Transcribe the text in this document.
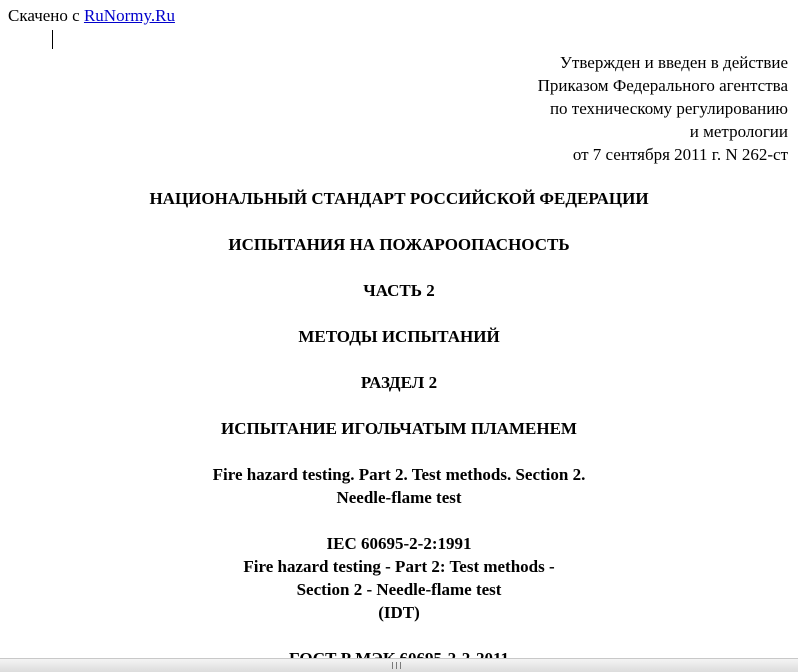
Скачено с RuNormy.Ru
Утвержден и введен в действие
Приказом Федерального агентства
по техническому регулированию
и метрологии
от 7 сентября 2011 г. N 262-ст
НАЦИОНАЛЬНЫЙ СТАНДАРТ РОССИЙСКОЙ ФЕДЕРАЦИИ
ИСПЫТАНИЯ НА ПОЖАРООПАСНОСТЬ
ЧАСТЬ 2
МЕТОДЫ ИСПЫТАНИЙ
РАЗДЕЛ 2
ИСПЫТАНИЕ ИГОЛЬЧАТЫМ ПЛАМЕНЕМ
Fire hazard testing. Part 2. Test methods. Section 2.
Needle-flame test
IEC 60695-2-2:1991
Fire hazard testing - Part 2: Test methods -
Section 2 - Needle-flame test
(IDT)
